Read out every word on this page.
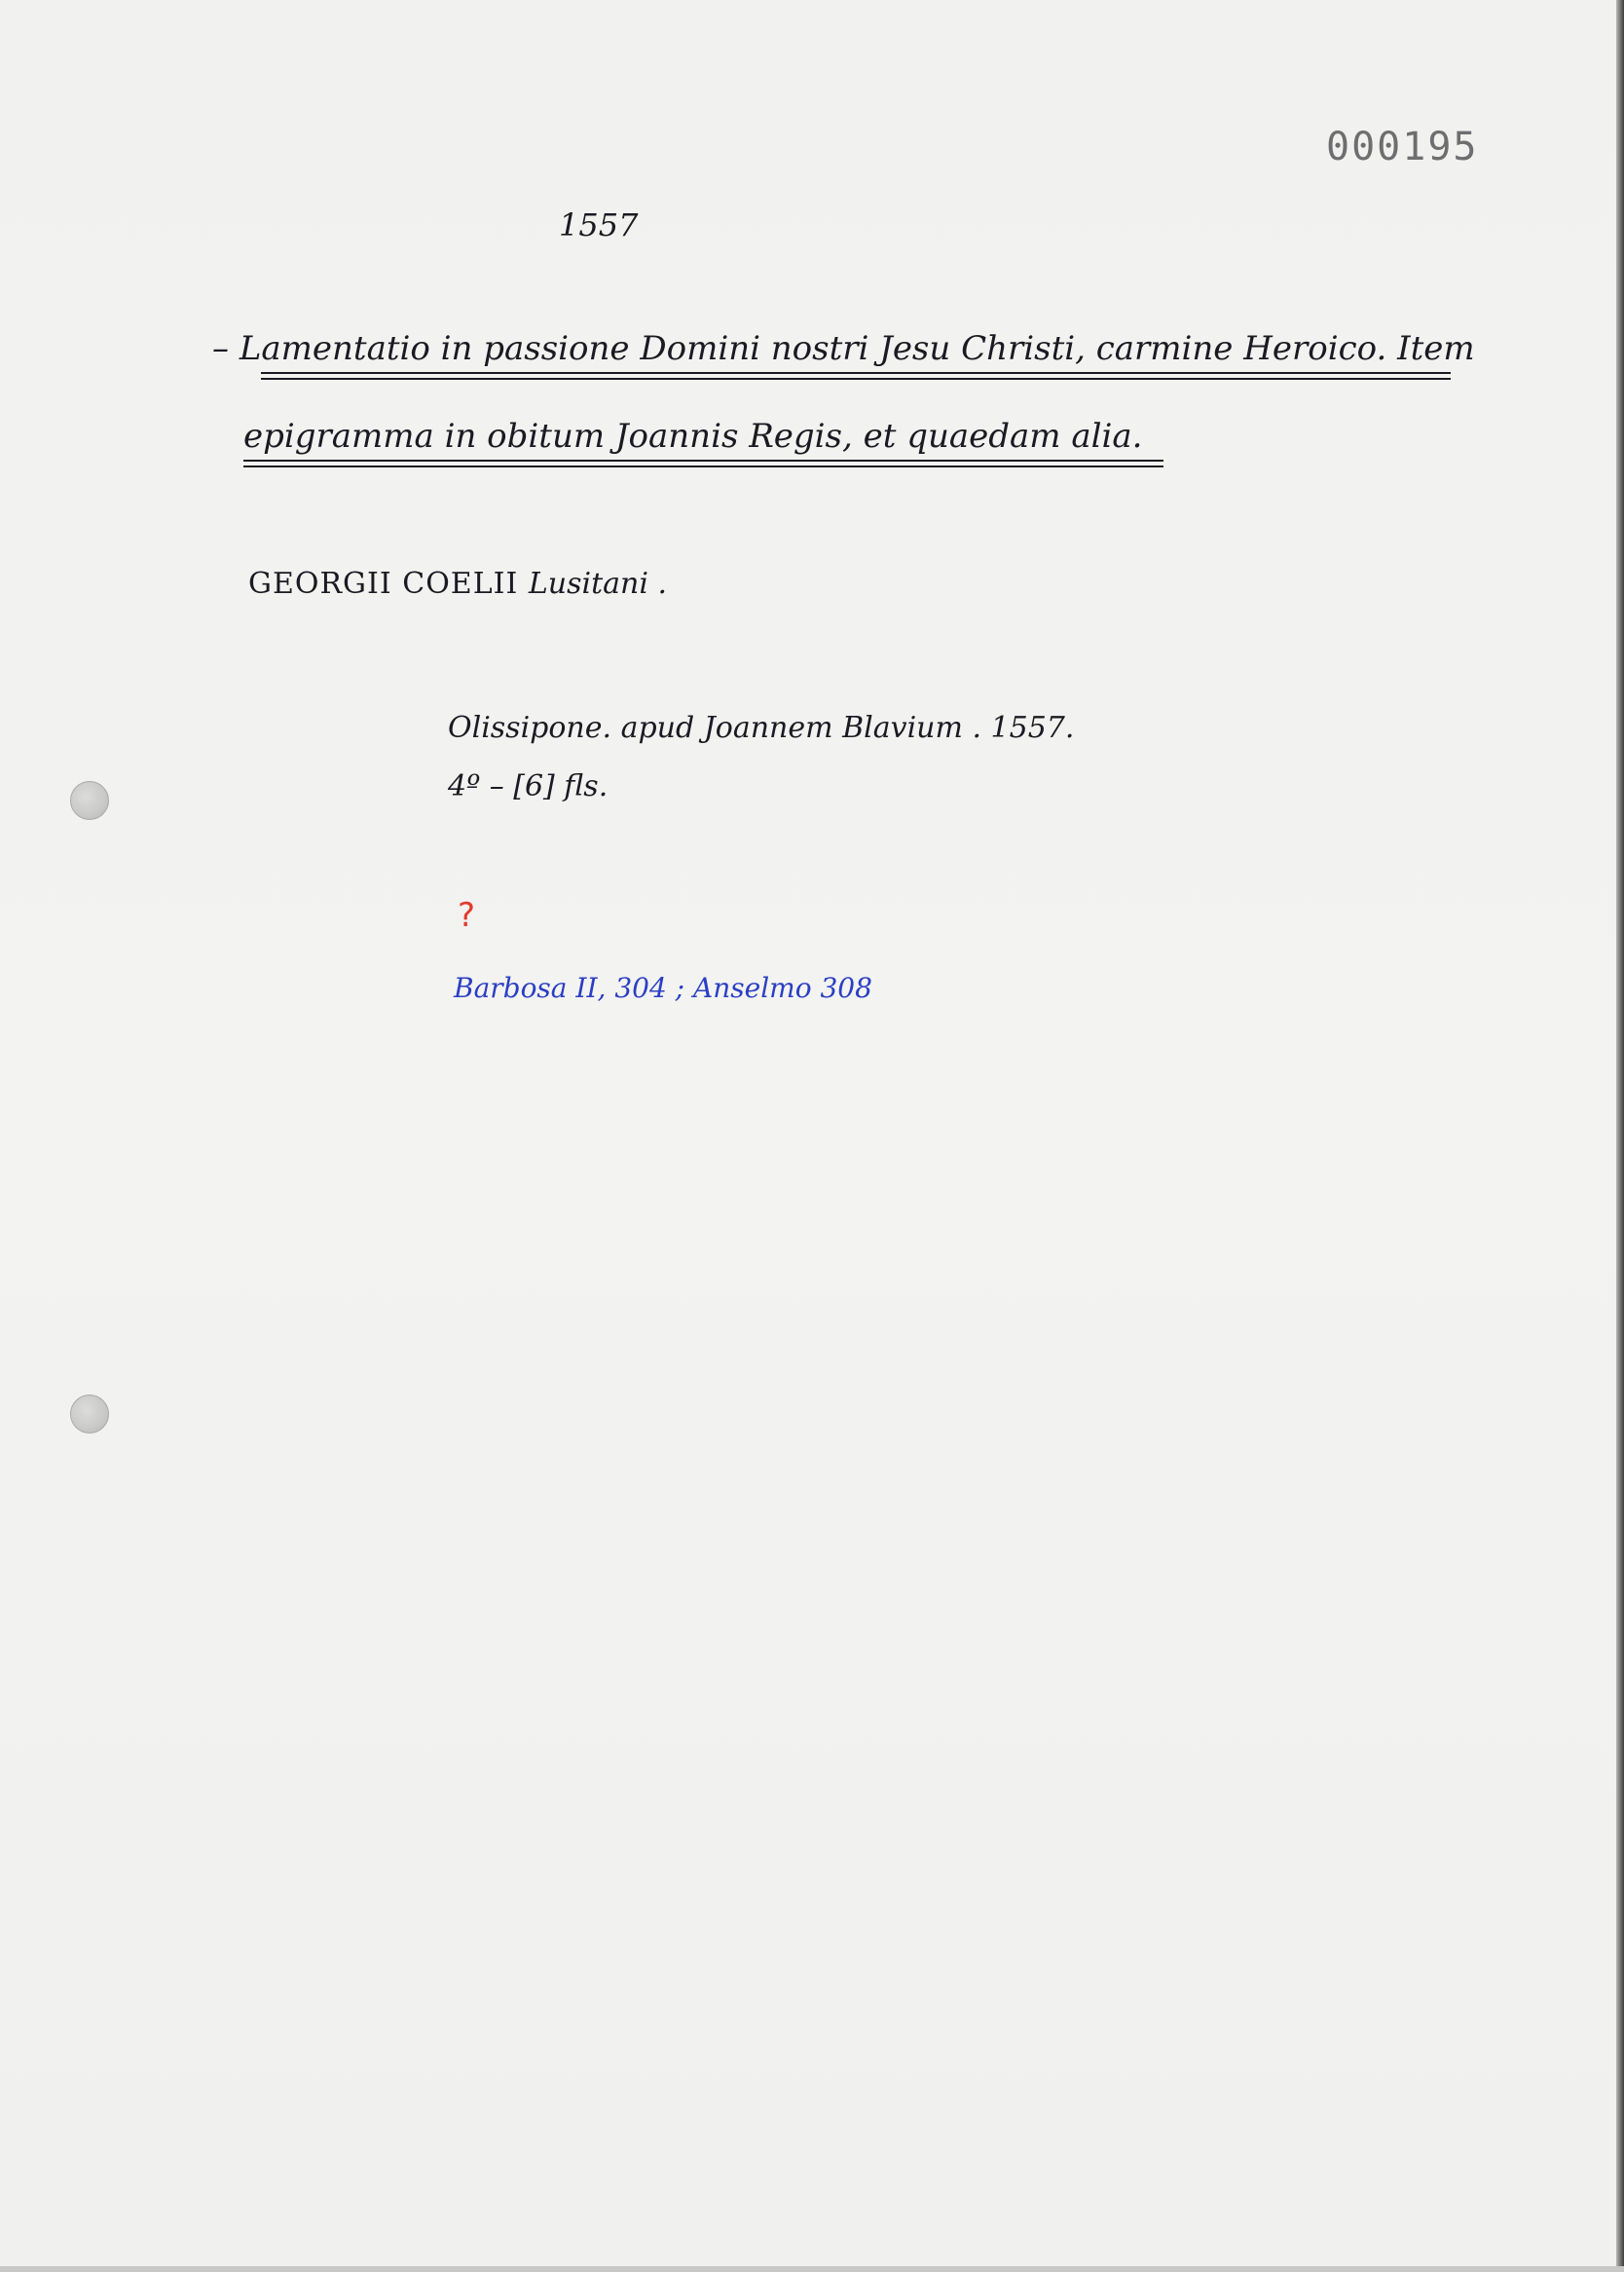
000195
1557
– Lamentatio in passione Domini nostri Jesu Christi, carmine Heroico. Item
epigramma in obitum Joannis Regis, et quaedam alia.
GEORGII COELII Lusitani .
Olissipone. apud Joannem Blavium . 1557.
4º – [6] fls.
?
Barbosa II, 304 ; Anselmo 308
